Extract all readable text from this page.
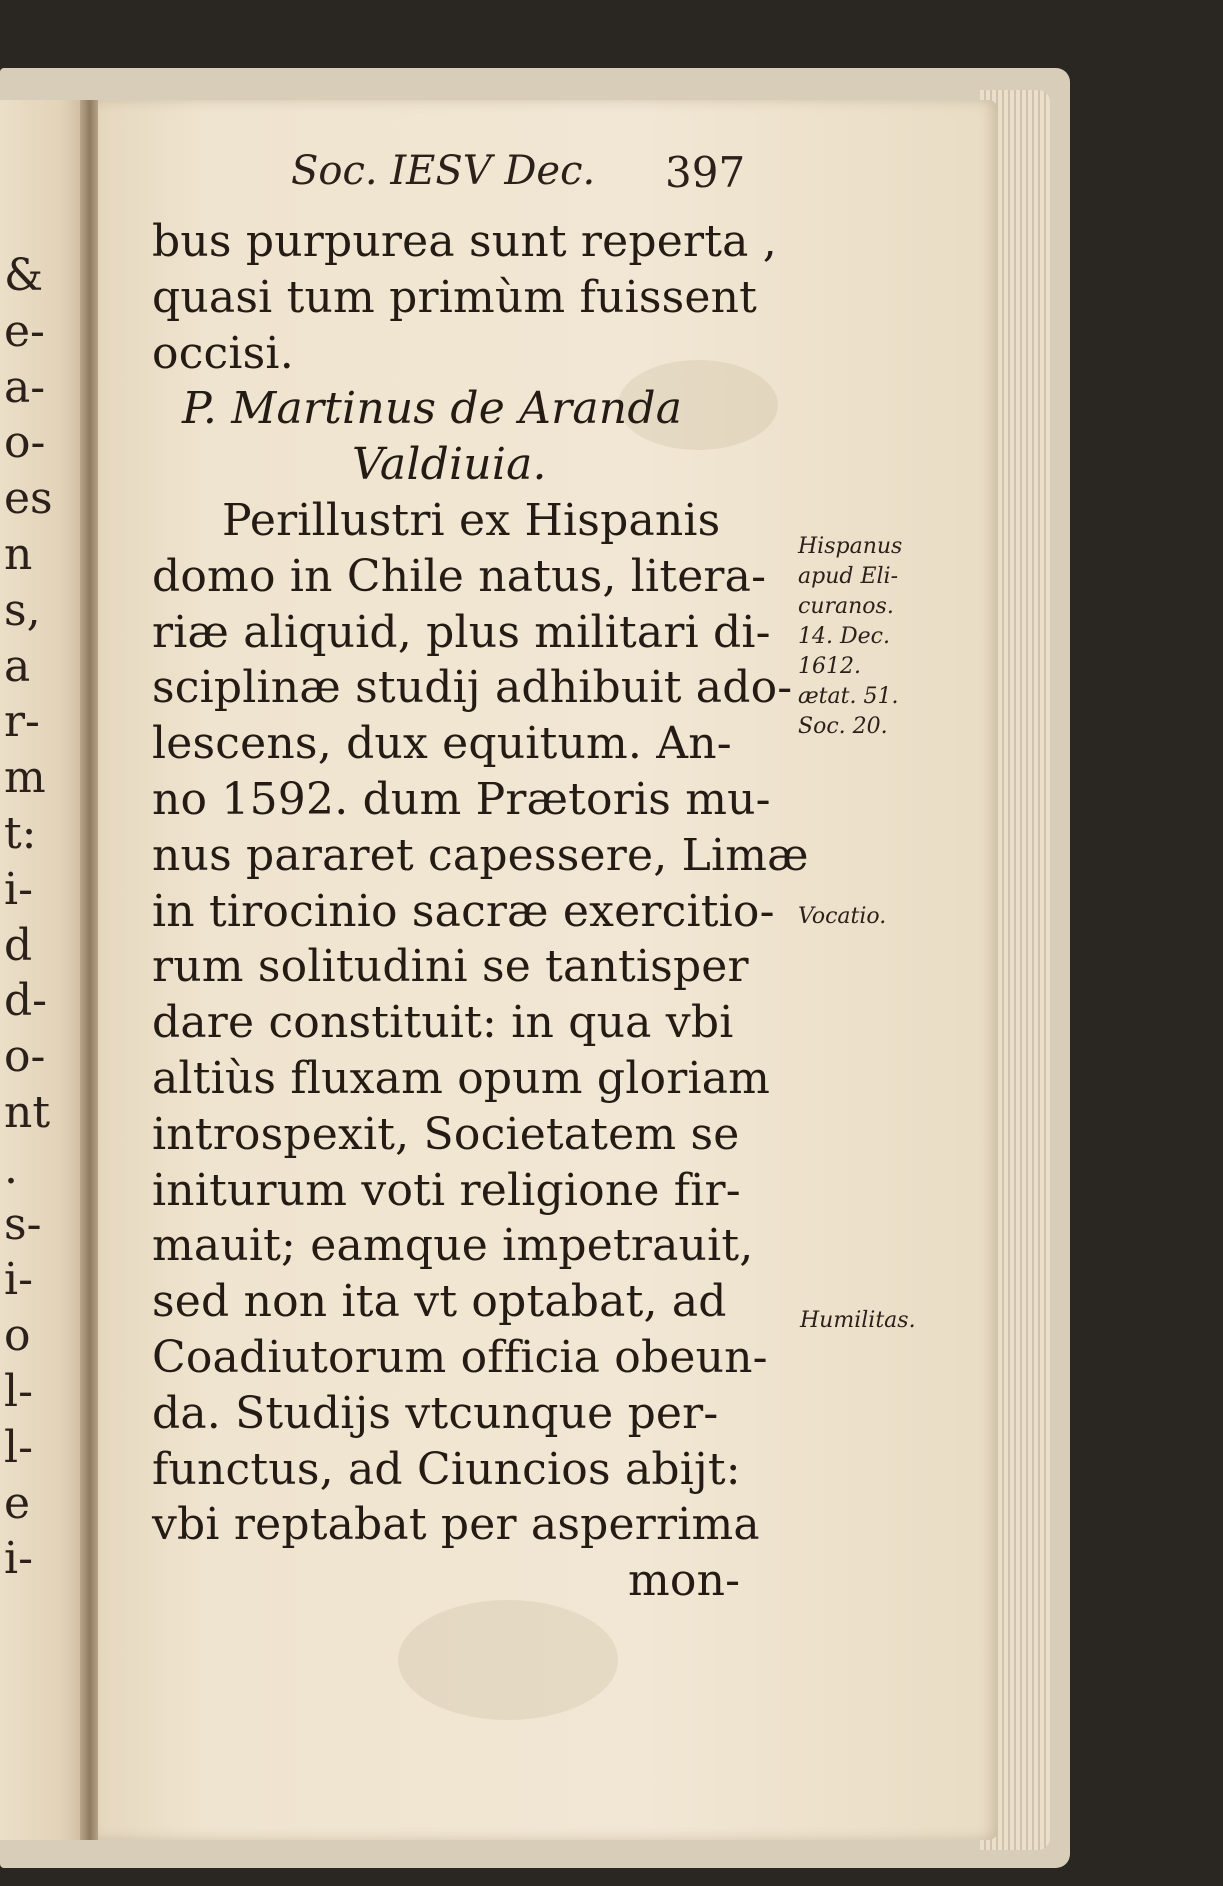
&
e-
a-
o-
es
n
s,
a
r-
m
t:
i-
d
d-
o-
nt
.
s-
i-
o
l-
l-
e
i-
Soc. IESV Dec. 397
bus purpurea sunt reperta ,
quasi tum primùm fuissent
occisi.
P. Martinus de Aranda
Valdiuia.
Perillustri ex Hispanis
domo in Chile natus, litera-
riæ aliquid, plus militari di-
sciplinæ studij adhibuit ado-
lescens, dux equitum. An-
no 1592. dum Prætoris mu-
nus pararet capessere, Limæ
in tirocinio sacræ exercitio-
rum solitudini se tantisper
dare constituit: in qua vbi
altiùs fluxam opum gloriam
introspexit, Societatem se
initurum voti religione fir-
mauit; eamque impetrauit,
sed non ita vt optabat, ad
Coadiutorum officia obeun-
da. Studijs vtcunque per-
functus, ad Ciuncios abijt:
vbi reptabat per asperrima
mon-
Hispanus
apud Eli-
curanos.
14. Dec.
1612.
ætat. 51.
Soc. 20.
Vocatio.
Humilitas.
